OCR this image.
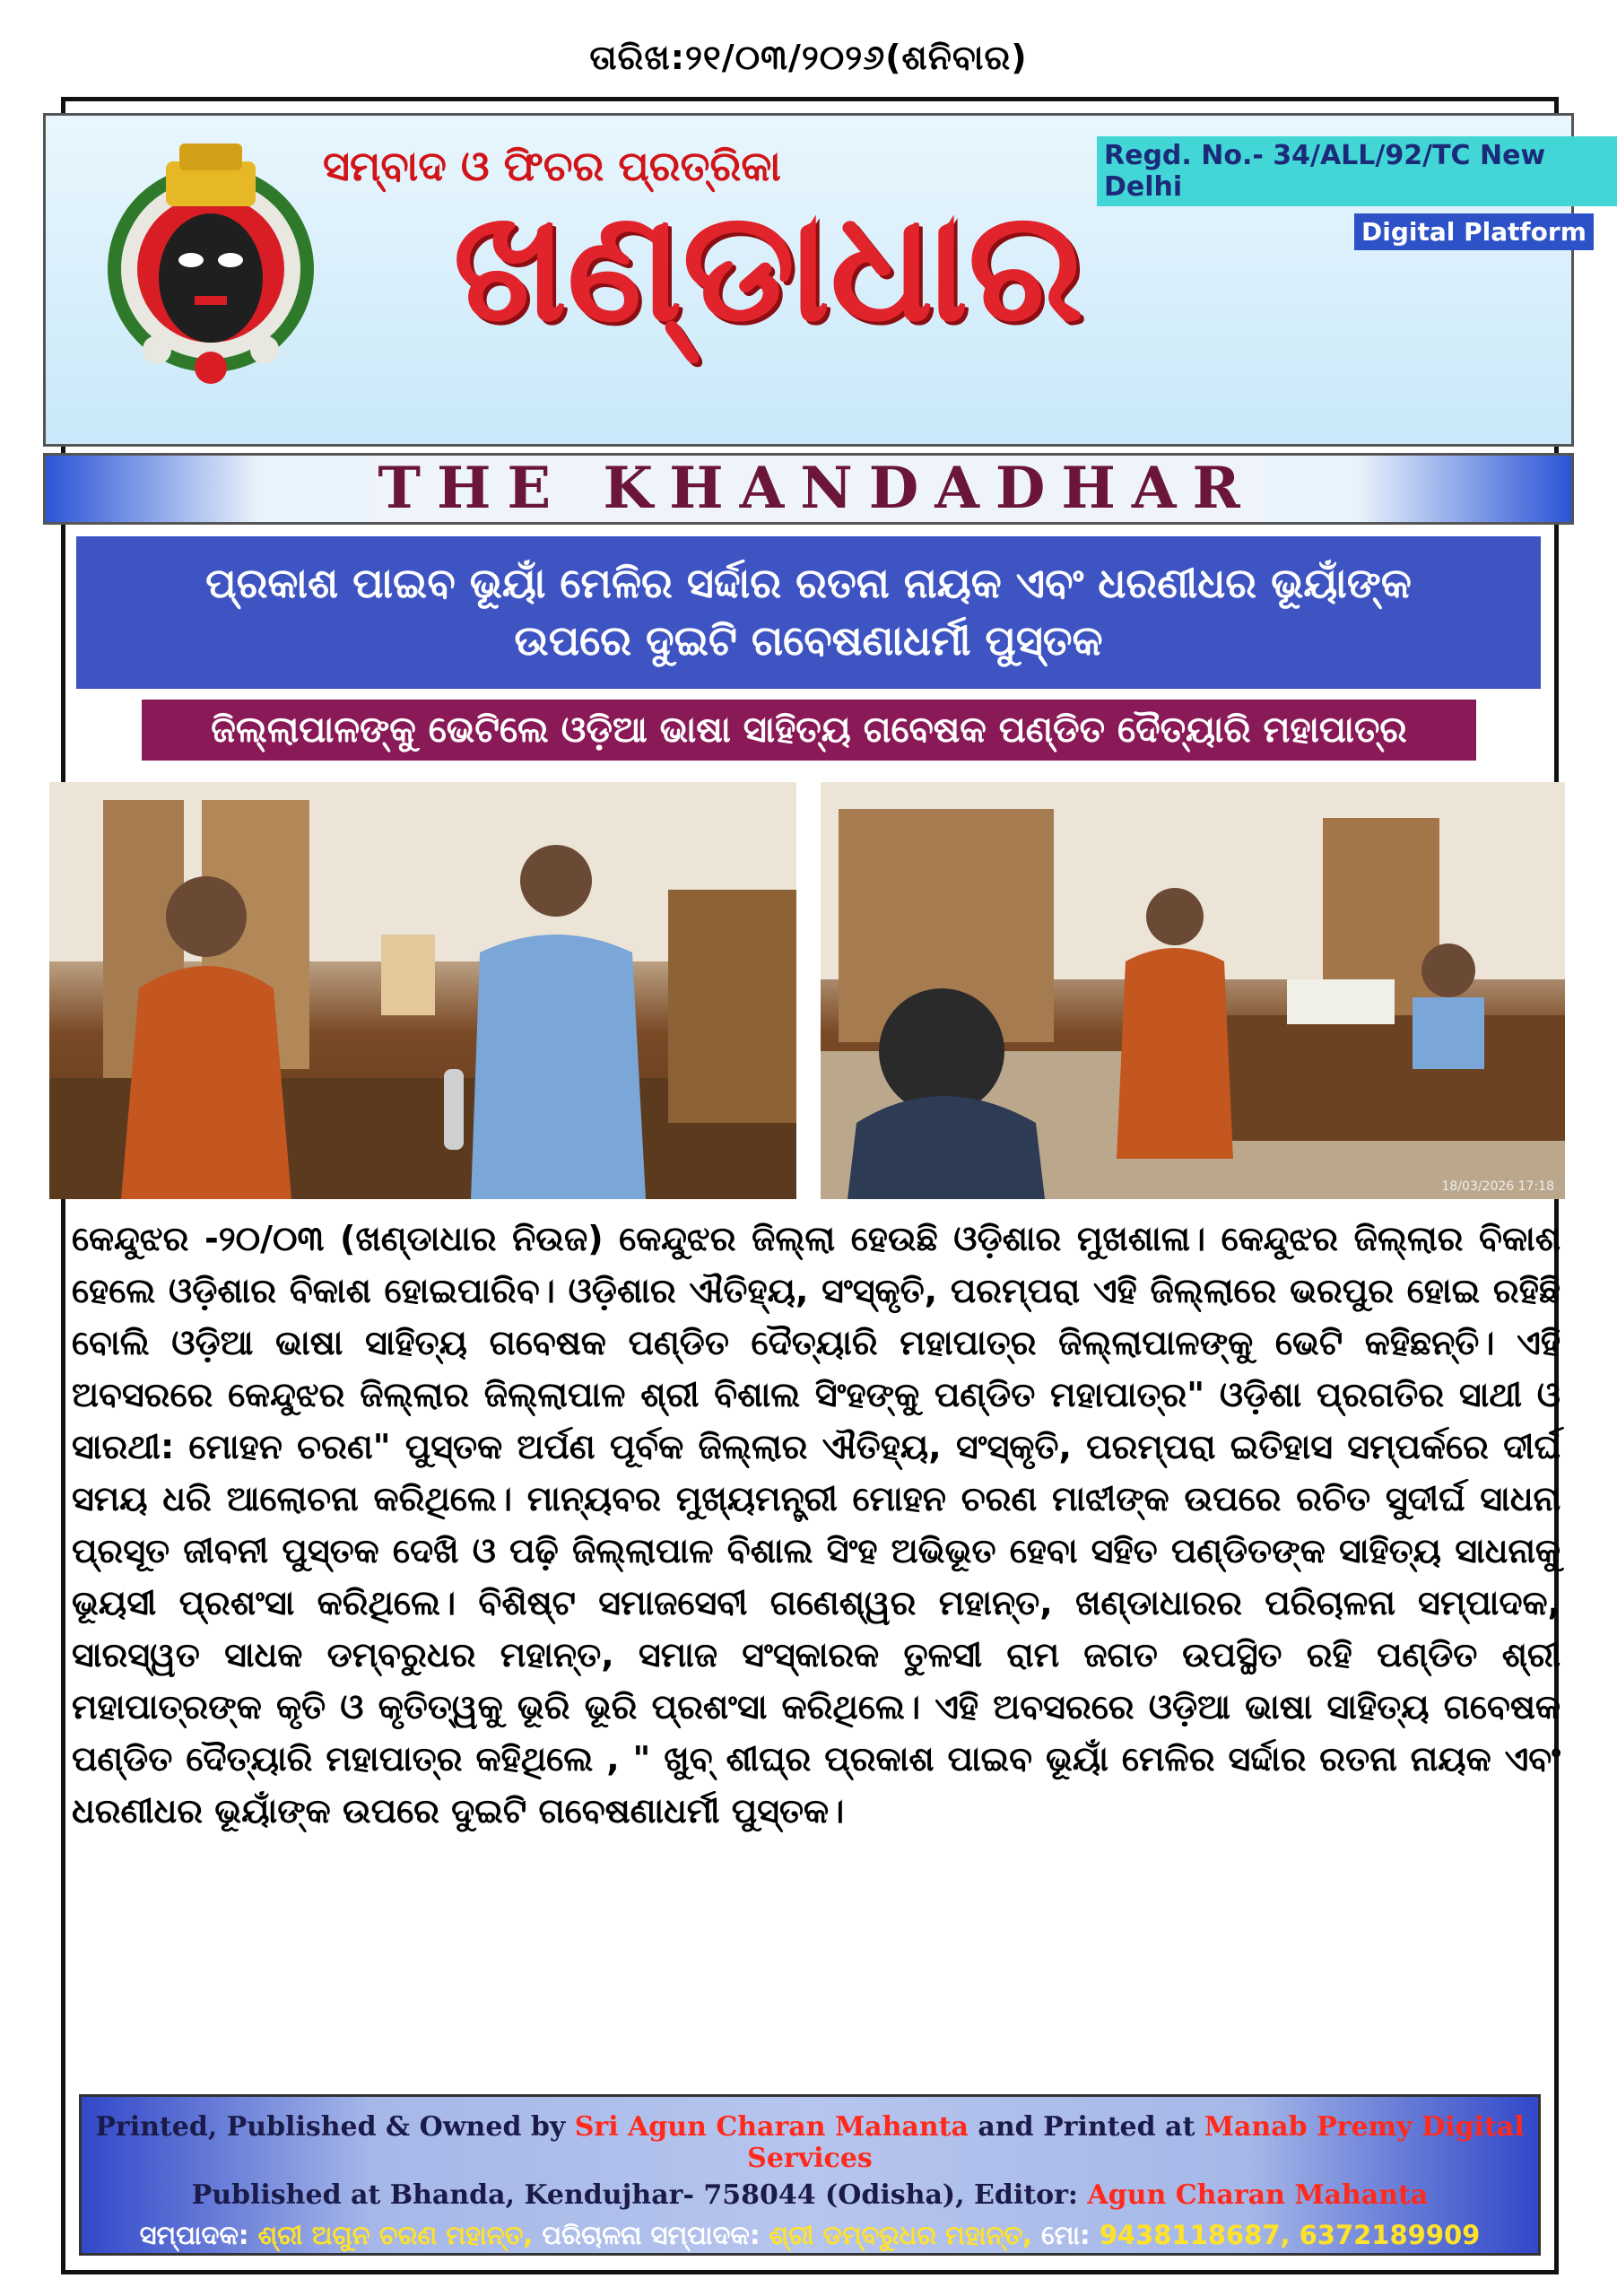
ତାରିଖ:୨୧/୦୩/୨୦୨୬(ଶନିବାର)
ସମ୍ବାଦ ଓ ଫିଚର ପ୍ରତ୍ରିକା
ଖଣ୍ଡାଧାର
Regd. No.- 34/ALL/92/TC New Delhi
Digital Platform
THE KHANDADHAR
ପ୍ରକାଶ ପାଇବ ଭୂୟାଁ ମେଳିର ସର୍ଦ୍ଦାର ରତନା ନାୟକ ଏବଂ ଧରଣୀଧର ଭୂୟାଁଙ୍କ
ଉପରେ ଦୁଇଟି ଗବେଷଣାଧର୍ମୀ ପୁସ୍ତକ
ଜିଲ୍ଲାପାଳଙ୍କୁ ଭେଟିଲେ ଓଡ଼ିଆ ଭାଷା ସାହିତ୍ୟ ଗବେଷକ ପଣ୍ଡିତ ଦୈତ୍ୟାରି ମହାପାତ୍ର
18/03/2026 17:18
କେନ୍ଦୁଝର -୨୦/୦୩ (ଖଣ୍ଡାଧାର ନିଉଜ) କେନ୍ଦୁଝର ଜିଲ୍ଲା ହେଉଛି ଓଡ଼ିଶାର ମୁଖଶାଳା। କେନ୍ଦୁଝର ଜିଲ୍ଲାର ବିକାଶ ହେଲେ ଓଡ଼ିଶାର ବିକାଶ ହୋଇପାରିବ। ଓଡ଼ିଶାର ଐତିହ୍ୟ, ସଂସ୍କୃତି, ପରମ୍ପରା ଏହି ଜିଲ୍ଲାରେ ଭରପୁର ହୋଇ ରହିଛି ବୋଲି ଓଡ଼ିଆ ଭାଷା ସାହିତ୍ୟ ଗବେଷକ ପଣ୍ଡିତ ଦୈତ୍ୟାରି ମହାପାତ୍ର ଜିଲ୍ଲାପାଳଙ୍କୁ ଭେଟି କହିଛନ୍ତି। ଏହି ଅବସରରେ କେନ୍ଦୁଝର ଜିଲ୍ଲାର ଜିଲ୍ଲାପାଳ ଶ୍ରୀ ବିଶାଲ ସିଂହଙ୍କୁ ପଣ୍ଡିତ ମହାପାତ୍ର" ଓଡ଼ିଶା ପ୍ରଗତିର ସାଥୀ ଓ ସାରଥୀ: ମୋହନ ଚରଣ" ପୁସ୍ତକ ଅର୍ପଣ ପୂର୍ବକ ଜିଲ୍ଲାର ଐତିହ୍ୟ, ସଂସ୍କୃତି, ପରମ୍ପରା ଇତିହାସ ସମ୍ପର୍କରେ ଦୀର୍ଘ ସମୟ ଧରି ଆଲୋଚନା କରିଥିଲେ। ମାନ୍ୟବର ମୁଖ୍ୟମନ୍ତ୍ରୀ ମୋହନ ଚରଣ ମାଝୀଙ୍କ ଉପରେ ରଚିତ ସୁଦୀର୍ଘ ସାଧନା ପ୍ରସୂତ ଜୀବନୀ ପୁସ୍ତକ ଦେଖି ଓ ପଢ଼ି ଜିଲ୍ଲାପାଳ ବିଶାଲ ସିଂହ ଅଭିଭୂତ ହେବା ସହିତ ପଣ୍ଡିତଙ୍କ ସାହିତ୍ୟ ସାଧନାକୁ ଭୂୟସୀ ପ୍ରଶଂସା କରିଥିଲେ। ବିଶିଷ୍ଟ ସମାଜସେବୀ ଗଣେଶ୍ୱର ମହାନ୍ତ, ଖଣ୍ଡାଧାରର ପରିଚାଳନା ସମ୍ପାଦକ, ସାରସ୍ୱତ ସାଧକ ଡମ୍ବରୁଧର ମହାନ୍ତ, ସମାଜ ସଂସ୍କାରକ ତୁଳସୀ ରାମ ଜଗତ ଉପସ୍ଥିତ ରହି ପଣ୍ଡିତ ଶ୍ରୀ ମହାପାତ୍ରଙ୍କ କୃତି ଓ କୃତିତ୍ୱକୁ ଭୂରି ଭୂରି ପ୍ରଶଂସା କରିଥିଲେ। ଏହି ଅବସରରେ ଓଡ଼ିଆ ଭାଷା ସାହିତ୍ୟ ଗବେଷକ ପଣ୍ଡିତ ଦୈତ୍ୟାରି ମହାପାତ୍ର କହିଥିଲେ , " ଖୁବ୍ ଶୀଘ୍ର ପ୍ରକାଶ ପାଇବ ଭୂୟାଁ ମେଳିର ସର୍ଦ୍ଦାର ରତନା ନାୟକ ଏବଂ ଧରଣୀଧର ଭୂୟାଁଙ୍କ ଉପରେ ଦୁଇଟି ଗବେଷଣାଧର୍ମୀ ପୁସ୍ତକ।
Printed, Published & Owned by Sri Agun Charan Mahanta and Printed at Manab Premy Digital Services
Published at Bhanda, Kendujhar- 758044 (Odisha), Editor: Agun Charan Mahanta
ସମ୍ପାଦକ: ଶ୍ରୀ ଅଗୁନ ଚରଣ ମହାନ୍ତ, ପରିଚାଳନା ସମ୍ପାଦକ: ଶ୍ରୀ ଡମ୍ବରୁଧର ମହାନ୍ତ, ମୋ: 9438118687, 6372189909
